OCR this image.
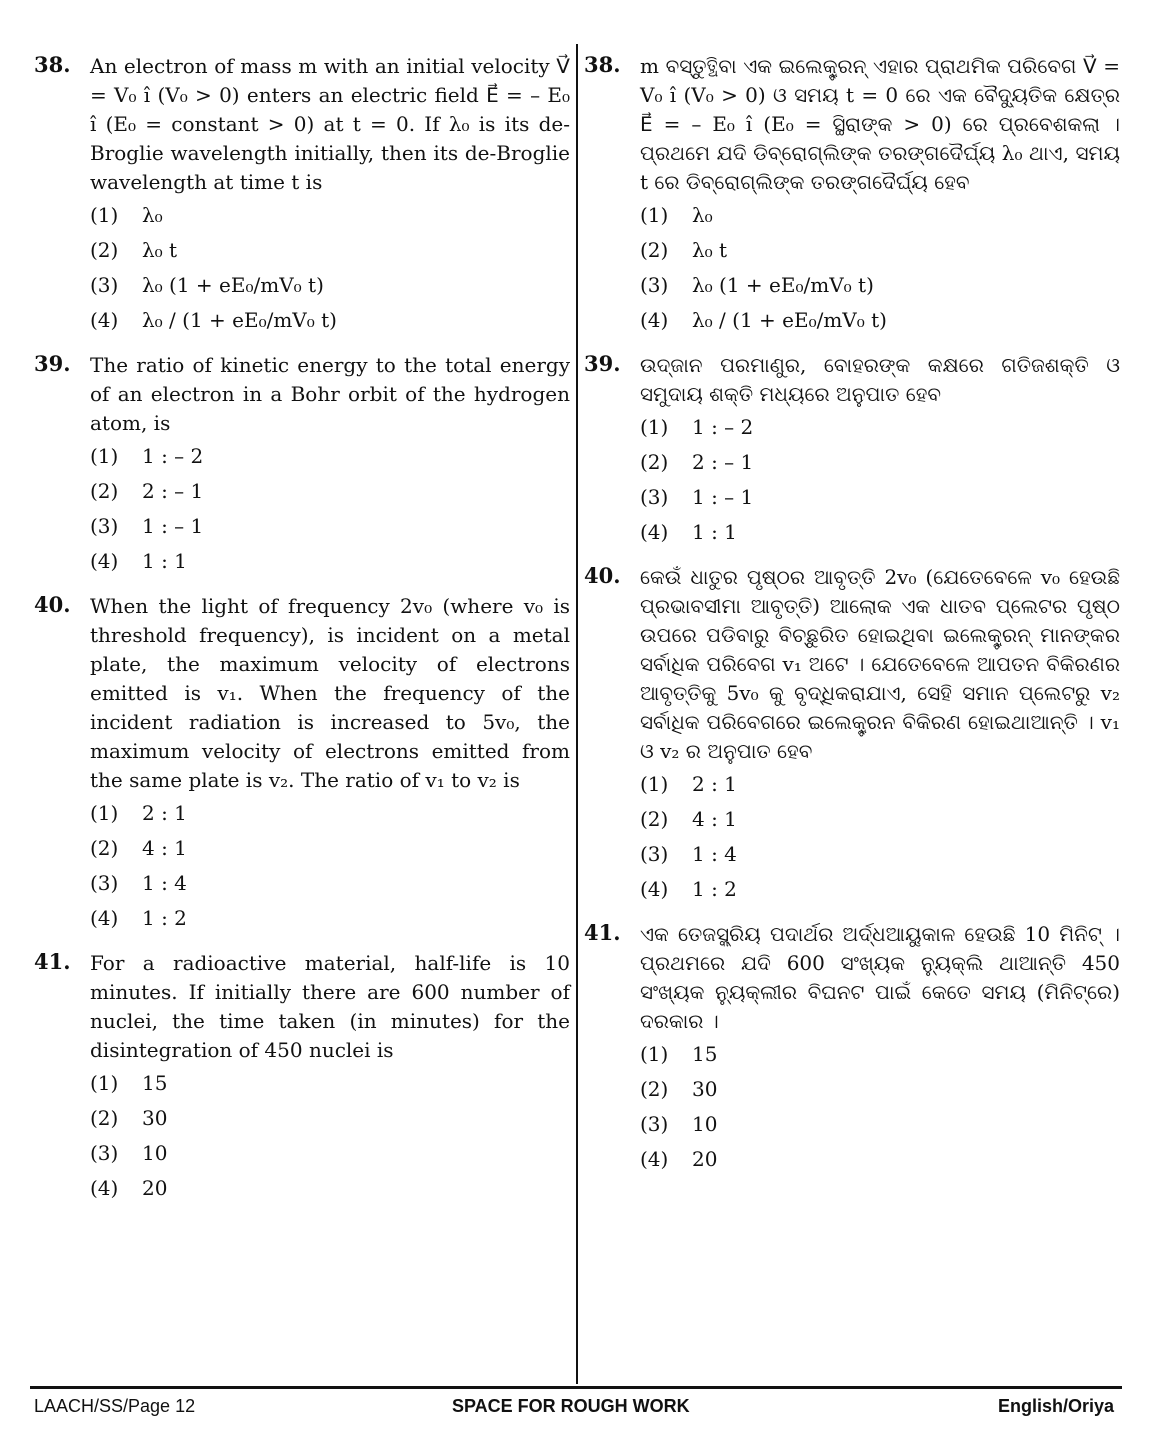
38. An electron of mass m with an initial velocity V⃗ = V₀ î (V₀ > 0) enters an electric field E⃗ = – E₀ î (E₀ = constant > 0) at t = 0. If λ₀ is its de-Broglie wavelength initially, then its de-Broglie wavelength at time t is
(1)	λ₀
(2)	λ₀ t
(3)	λ₀ (1 + eE₀/mV₀ t)
(4)	λ₀ / (1 + eE₀/mV₀ t)
39. The ratio of kinetic energy to the total energy of an electron in a Bohr orbit of the hydrogen atom, is
(1)	1 : – 2
(2)	2 : – 1
(3)	1 : – 1
(4)	1 : 1
40. When the light of frequency 2v₀ (where v₀ is threshold frequency), is incident on a metal plate, the maximum velocity of electrons emitted is v₁. When the frequency of the incident radiation is increased to 5v₀, the maximum velocity of electrons emitted from the same plate is v₂. The ratio of v₁ to v₂ is
(1)	2 : 1
(2)	4 : 1
(3)	1 : 4
(4)	1 : 2
41. For a radioactive material, half-life is 10 minutes. If initially there are 600 number of nuclei, the time taken (in minutes) for the disintegration of 450 nuclei is
(1)	15
(2)	30
(3)	10
(4)	20
38. m ବସ୍ତୁତ୍ଥିବା ଏକ ଇଲେକ୍ଟ୍ରନ୍ ଏହାର ପ୍ରାଥମିକ ପରିବେଗ V⃗ = V₀ î (V₀ > 0) ଓ ସମୟ t = 0 ରେ ଏକ ବୈଦ୍ୟୁତିକ କ୍ଷେତ୍ର E⃗ = – E₀ î (E₀ = ସ୍ଥିରାଙ୍କ > 0) ରେ ପ୍ରବେଶକଲା । ପ୍ରଥମେ ଯଦି ଡିବ୍ରୋଗ୍ଲିଙ୍କ ତରଙ୍ଗଦୈର୍ଘ୍ୟ λ₀ ଥାଏ, ସମୟ t ରେ ଡିବ୍ରୋଗ୍ଲିଙ୍କ ତରଙ୍ଗଦୈର୍ଘ୍ୟ ହେବ
(1)	λ₀
(2)	λ₀ t
(3)	λ₀ (1 + eE₀/mV₀ t)
(4)	λ₀ / (1 + eE₀/mV₀ t)
39. ଉଦ୍ଜାନ ପରମାଣୁର, ବୋହରଙ୍କ କକ୍ଷରେ ଗତିଜଶକ୍ତି ଓ ସମୁଦାୟ ଶକ୍ତି ମଧ୍ୟରେ ଅନୁପାତ ହେବ
(1)	1 : – 2
(2)	2 : – 1
(3)	1 : – 1
(4)	1 : 1
40. କେଉଁ ଧାତୁର ପୃଷ୍ଠର ଆବୃତ୍ତି 2v₀ (ଯେତେବେଳେ v₀ ହେଉଛି ପ୍ରଭାବସୀମା ଆବୃତ୍ତି) ଆଲୋକ ଏକ ଧାତବ ପ୍ଲେଟର ପୃଷ୍ଠ ଉପରେ ପଡିବାରୁ ବିଚ୍ଛୁରିତ ହୋଇଥିବା ଇଲେକ୍ଟ୍ରନ୍ ମାନଙ୍କର ସର୍ବାଧିକ ପରିବେଗ v₁ ଅଟେ । ଯେତେବେଳେ ଆପତନ ବିକିରଣର ଆବୃତ୍ତିକୁ 5v₀ କୁ ବୃଦ୍ଧିକରାଯାଏ, ସେହି ସମାନ ପ୍ଲେଟରୁ v₂ ସର୍ବାଧିକ ପରିବେଗରେ ଇଲେକ୍ଟ୍ରନ ବିକିରଣ ହୋଇଥାଆନ୍ତି । v₁ ଓ v₂ ର ଅନୁପାତ ହେବ
(1)	2 : 1
(2)	4 : 1
(3)	1 : 4
(4)	1 : 2
41. ଏକ ତେଜସ୍କ୍ରିୟ ପଦାର୍ଥର ଅର୍ଦ୍ଧଆୟୁକାଳ ହେଉଛି 10 ମିନିଟ୍ । ପ୍ରଥମରେ ଯଦି 600 ସଂଖ୍ୟକ ନ୍ୟୁକ୍ଲି ଥାଆନ୍ତି 450 ସଂଖ୍ୟକ ନ୍ୟୁକ୍ଲୀର ବିଘନଟ ପାଇଁ କେତେ ସମୟ (ମିନିଟ୍‌ରେ) ଦରକାର ।
(1)	15
(2)	30
(3)	10
(4)	20
LAACH/SS/Page 12	SPACE FOR ROUGH WORK	English/Oriya
